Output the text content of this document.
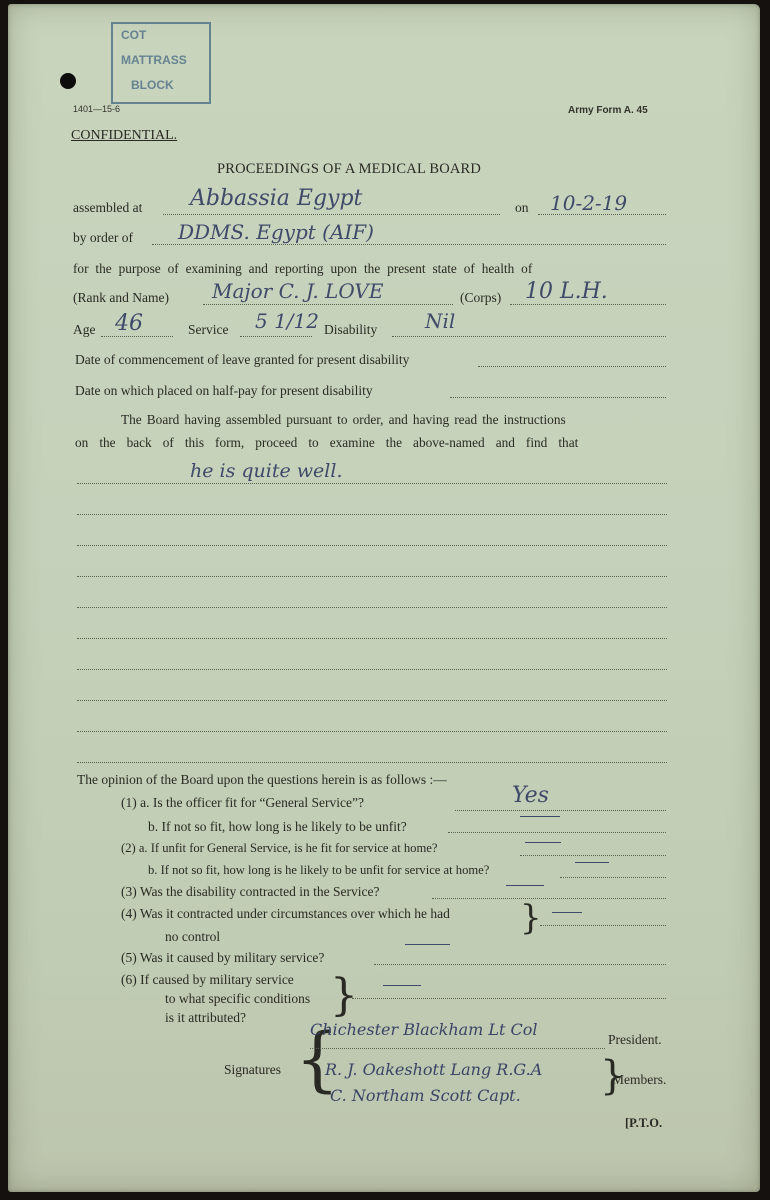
COT
MATTRASS
BLOCK
1401—15-6	Army Form A. 45
CONFIDENTIAL.
PROCEEDINGS OF A MEDICAL BOARD
assembled at Abbassia Egypt	on 10-2-19
by order of DDMS. Egypt (AIF)
for the purpose of examining and reporting upon the present state of health of
(Rank and Name) Major C. J. LOVE	(Corps) 10 L.H.
Age 46	Service 5 1/12 Disability Nil
Date of commencement of leave granted for present disability
Date on which placed on half-pay for present disability
The Board having assembled pursuant to order, and having read the instructions
on the back of this form, proceed to examine the above-named and find that
he is quite well.
The opinion of the Board upon the questions herein is as follows :—
(1) a. Is the officer fit for “General Service”?	Yes
b. If not so fit, how long is he likely to be unfit?
(2) a. If unfit for General Service, is he fit for service at home?
b. If not so fit, how long is he likely to be unfit for service at home?
(3) Was the disability contracted in the Service?
(4) Was it contracted under circumstances over which he had
no control	}
(5) Was it caused by military service?
(6) If caused by military service
to what specific conditions
is it attributed? }
Signatures {
Chichester Blackham Lt Col
President.
R. J. Oakeshott Lang R.G.A
C. Northam Scott Capt. }
Members.
[P.T.O.
